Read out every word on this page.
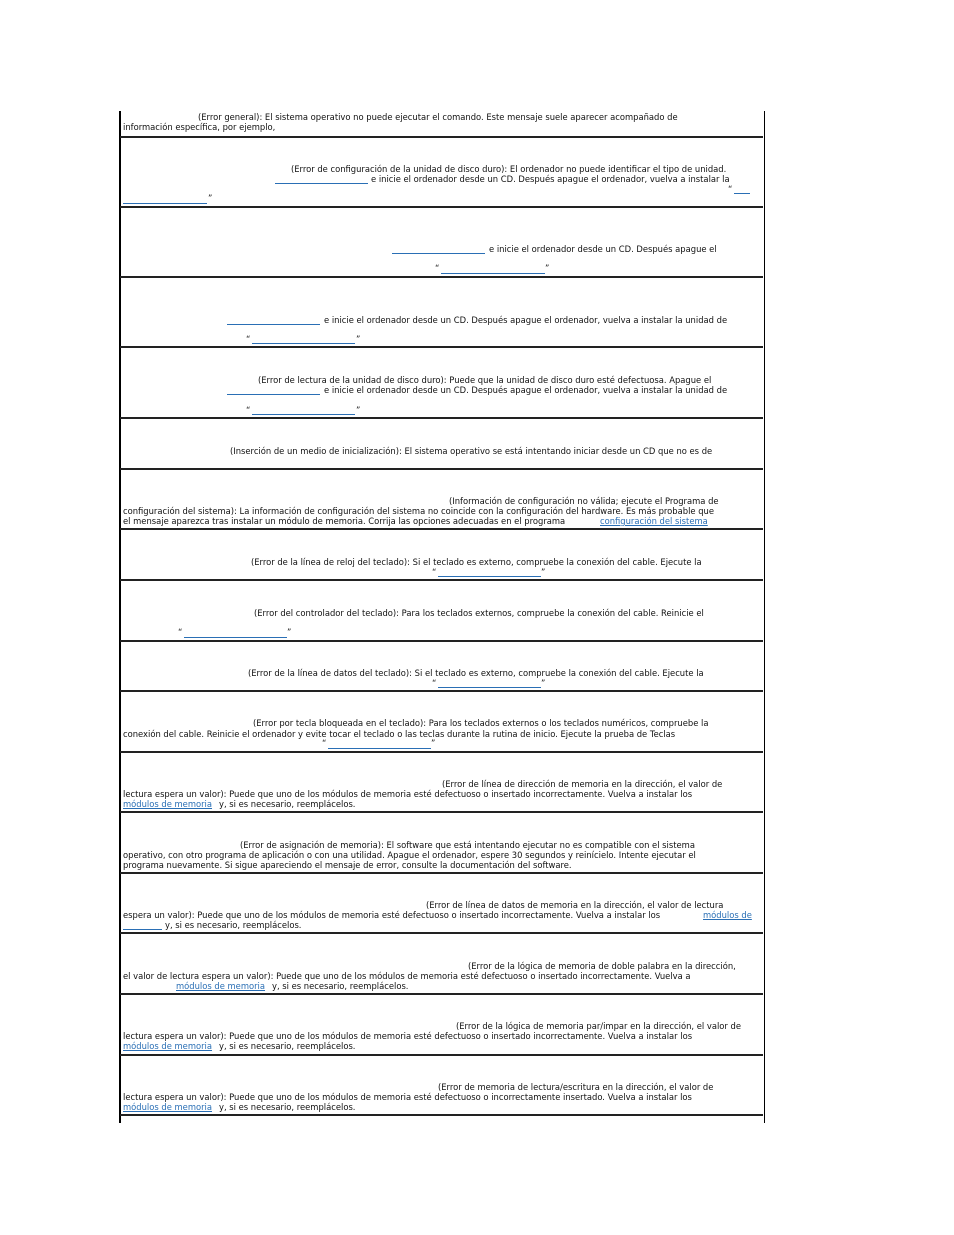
(Error general): El sistema operativo no puede ejecutar el comando. Este mensaje suele aparecer acompañado de
información específica, por ejemplo,
(Error de configuración de la unidad de disco duro): El ordenador no puede identificar el tipo de unidad.
e inicie el ordenador desde un CD. Después apague el ordenador, vuelva a instalar la
“
”
e inicie el ordenador desde un CD. Después apague el
“	”
e inicie el ordenador desde un CD. Después apague el ordenador, vuelva a instalar la unidad de
“	”
(Error de lectura de la unidad de disco duro): Puede que la unidad de disco duro esté defectuosa. Apague el
e inicie el ordenador desde un CD. Después apague el ordenador, vuelva a instalar la unidad de
“	”
(Inserción de un medio de inicialización): El sistema operativo se está intentando iniciar desde un CD que no es de
(Información de configuración no válida; ejecute el Programa de
configuración del sistema): La información de configuración del sistema no coincide con la configuración del hardware. Es más probable que
el mensaje aparezca tras instalar un módulo de memoria. Corrija las opciones adecuadas en el programa	configuración del sistema
(Error de la línea de reloj del teclado): Si el teclado es externo, compruebe la conexión del cable. Ejecute la
“	”
(Error del controlador del teclado): Para los teclados externos, compruebe la conexión del cable. Reinicie el
“	”
(Error de la línea de datos del teclado): Si el teclado es externo, compruebe la conexión del cable. Ejecute la
“	”
(Error por tecla bloqueada en el teclado): Para los teclados externos o los teclados numéricos, compruebe la
conexión del cable. Reinicie el ordenador y evite tocar el teclado o las teclas durante la rutina de inicio. Ejecute la prueba de Teclas
“	”
(Error de línea de dirección de memoria en la dirección, el valor de
lectura espera un valor): Puede que uno de los módulos de memoria esté defectuoso o insertado incorrectamente. Vuelva a instalar los
módulos de memoria y, si es necesario, reemplácelos.
(Error de asignación de memoria): El software que está intentando ejecutar no es compatible con el sistema
operativo, con otro programa de aplicación o con una utilidad. Apague el ordenador, espere 30 segundos y reinícielo. Intente ejecutar el
programa nuevamente. Si sigue apareciendo el mensaje de error, consulte la documentación del software.
(Error de línea de datos de memoria en la dirección, el valor de lectura
espera un valor): Puede que uno de los módulos de memoria esté defectuoso o insertado incorrectamente. Vuelva a instalar los	módulos de
y, si es necesario, reemplácelos.
(Error de la lógica de memoria de doble palabra en la dirección,
el valor de lectura espera un valor): Puede que uno de los módulos de memoria esté defectuoso o insertado incorrectamente. Vuelva a
módulos de memoria y, si es necesario, reemplácelos.
(Error de la lógica de memoria par/impar en la dirección, el valor de
lectura espera un valor): Puede que uno de los módulos de memoria esté defectuoso o insertado incorrectamente. Vuelva a instalar los
módulos de memoria y, si es necesario, reemplácelos.
(Error de memoria de lectura/escritura en la dirección, el valor de
lectura espera un valor): Puede que uno de los módulos de memoria esté defectuoso o incorrectamente insertado. Vuelva a instalar los
módulos de memoria y, si es necesario, reemplácelos.
